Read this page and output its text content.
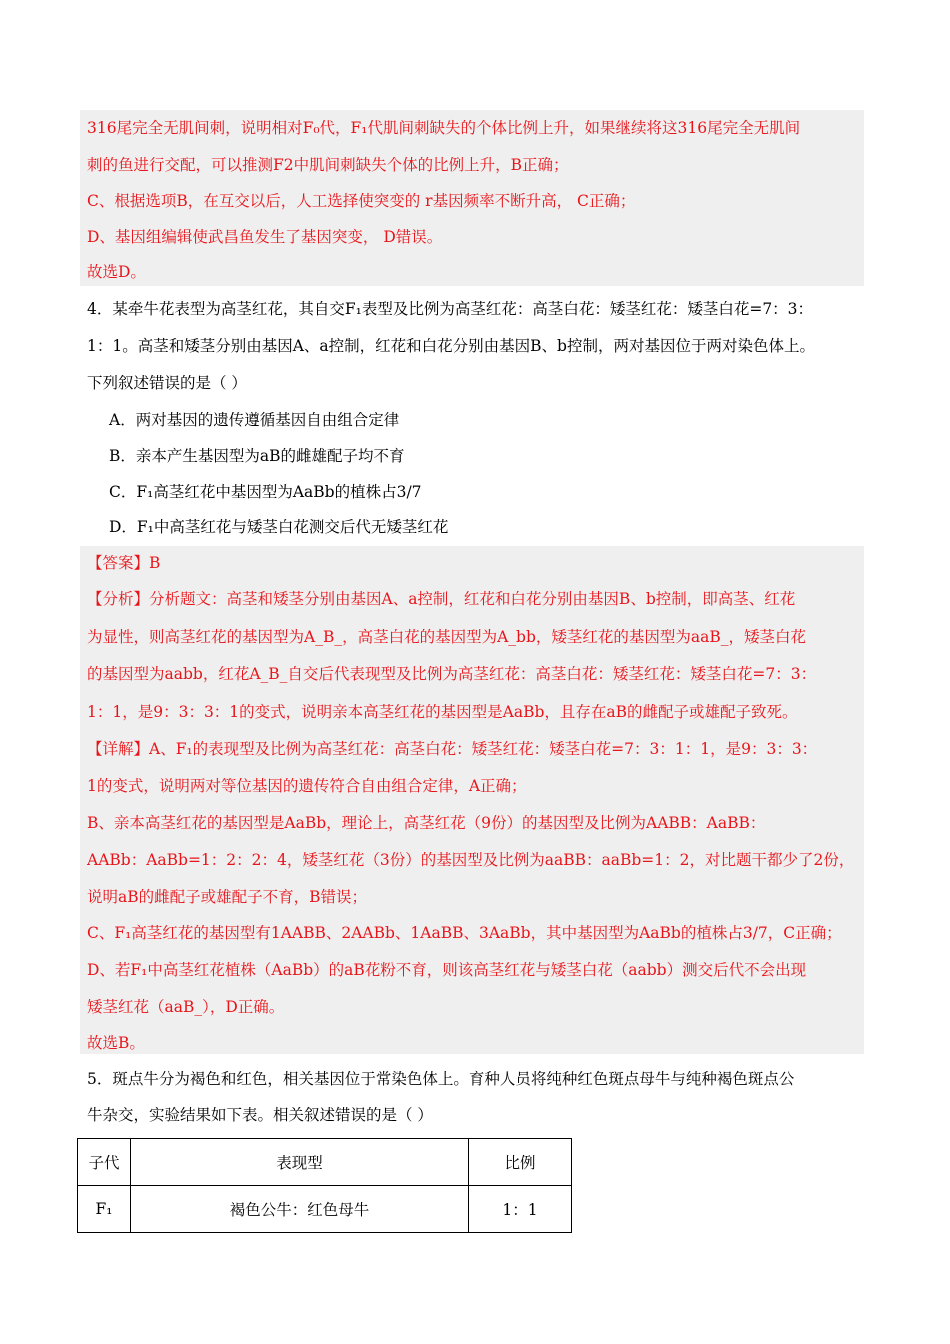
316尾完全无肌间刺，说明相对F₀代，F₁代肌间刺缺失的个体比例上升，如果继续将这316尾完全无肌间
刺的鱼进行交配，可以推测F2中肌间刺缺失个体的比例上升，B正确；
C、根据选项B，在互交以后，人工选择使突变的 r基因频率不断升高， C正确；
D、基因组编辑使武昌鱼发生了基因突变， D错误。
故选D。
4．某牵牛花表型为高茎红花，其自交F₁表型及比例为高茎红花：高茎白花：矮茎红花：矮茎白花=7：3：
1：1。高茎和矮茎分别由基因A、a控制，红花和白花分别由基因B、b控制，两对基因位于两对染色体上。
下列叙述错误的是（ ）
A．两对基因的遗传遵循基因自由组合定律
B．亲本产生基因型为aB的雌雄配子均不育
C．F₁高茎红花中基因型为AaBb的植株占3/7
D．F₁中高茎红花与矮茎白花测交后代无矮茎红花
【答案】B
【分析】分析题文：高茎和矮茎分别由基因A、a控制，红花和白花分别由基因B、b控制，即高茎、红花
为显性，则高茎红花的基因型为A_B_，高茎白花的基因型为A_bb，矮茎红花的基因型为aaB_，矮茎白花
的基因型为aabb，红花A_B_自交后代表现型及比例为高茎红花：高茎白花：矮茎红花：矮茎白花=7：3：
1：1，是9：3：3：1的变式，说明亲本高茎红花的基因型是AaBb，且存在aB的雌配子或雄配子致死。
【详解】A、F₁的表现型及比例为高茎红花：高茎白花：矮茎红花：矮茎白花=7：3：1：1，是9：3：3：
1的变式，说明两对等位基因的遗传符合自由组合定律，A正确；
B、亲本高茎红花的基因型是AaBb，理论上，高茎红花（9份）的基因型及比例为AABB：AaBB：
AABb：AaBb=1：2：2：4，矮茎红花（3份）的基因型及比例为aaBB：aaBb=1：2，对比题干都少了2份，
说明aB的雌配子或雄配子不育，B错误；
C、F₁高茎红花的基因型有1AABB、2AABb、1AaBB、3AaBb，其中基因型为AaBb的植株占3/7，C正确；
D、若F₁中高茎红花植株（AaBb）的aB花粉不育，则该高茎红花与矮茎白花（aabb）测交后代不会出现
矮茎红花（aaB_），D正确。
故选B。
5．斑点牛分为褐色和红色，相关基因位于常染色体上。育种人员将纯种红色斑点母牛与纯种褐色斑点公
牛杂交，实验结果如下表。相关叙述错误的是（ ）
子代	表现型	比例
F₁	褐色公牛：红色母牛	1：1
